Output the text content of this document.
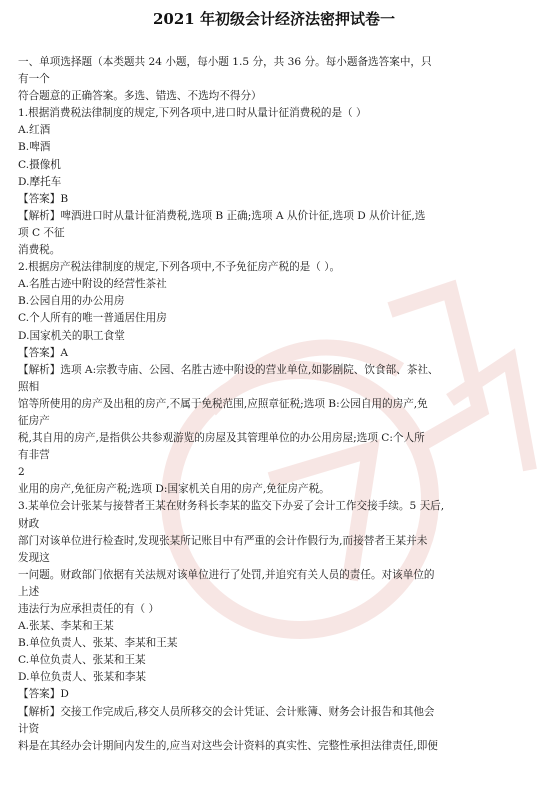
2021 年初级会计经济法密押试卷一
一、单项选择题（本类题共 24 小题，每小题 1.5 分，共 36 分。每小题备选答案中，只
有一个
符合题意的正确答案。多选、错选、不选均不得分）
1.根据消费税法律制度的规定,下列各项中,进口时从量计征消费税的是（ ）
A.红酒
B.啤酒
C.摄像机
D.摩托车
【答案】B
【解析】啤酒进口时从量计征消费税,选项 B 正确;选项 A 从价计征,选项 D 从价计征,选
项 C 不征
消费税。
2.根据房产税法律制度的规定,下列各项中,不予免征房产税的是（ ）。
A.名胜古迹中附设的经营性茶社
B.公园自用的办公用房
C.个人所有的唯一普通居住用房
D.国家机关的职工食堂
【答案】A
【解析】选项 A:宗教寺庙、公园、名胜古迹中附设的营业单位,如影剧院、饮食部、茶社、
照相
馆等所使用的房产及出租的房产,不属于免税范围,应照章征税;选项 B:公园自用的房产,免
征房产
税,其自用的房产,是指供公共参观游览的房屋及其管理单位的办公用房屋;选项 C:个人所
有非营
2
业用的房产,免征房产税;选项 D:国家机关自用的房产,免征房产税。
3.某单位会计张某与接替者王某在财务科长李某的监交下办妥了会计工作交接手续。5 天后,
财政
部门对该单位进行检查时,发现张某所记账目中有严重的会计作假行为,而接替者王某并未
发现这
一问题。财政部门依据有关法规对该单位进行了处罚,并追究有关人员的责任。对该单位的
上述
违法行为应承担责任的有（ ）
A.张某、李某和王某
B.单位负责人、张某、李某和王某
C.单位负责人、张某和王某
D.单位负责人、张某和李某
【答案】D
【解析】交接工作完成后,移交人员所移交的会计凭证、会计账簿、财务会计报告和其他会
计资
料是在其经办会计期间内发生的,应当对这些会计资料的真实性、完整性承担法律责任,即便
